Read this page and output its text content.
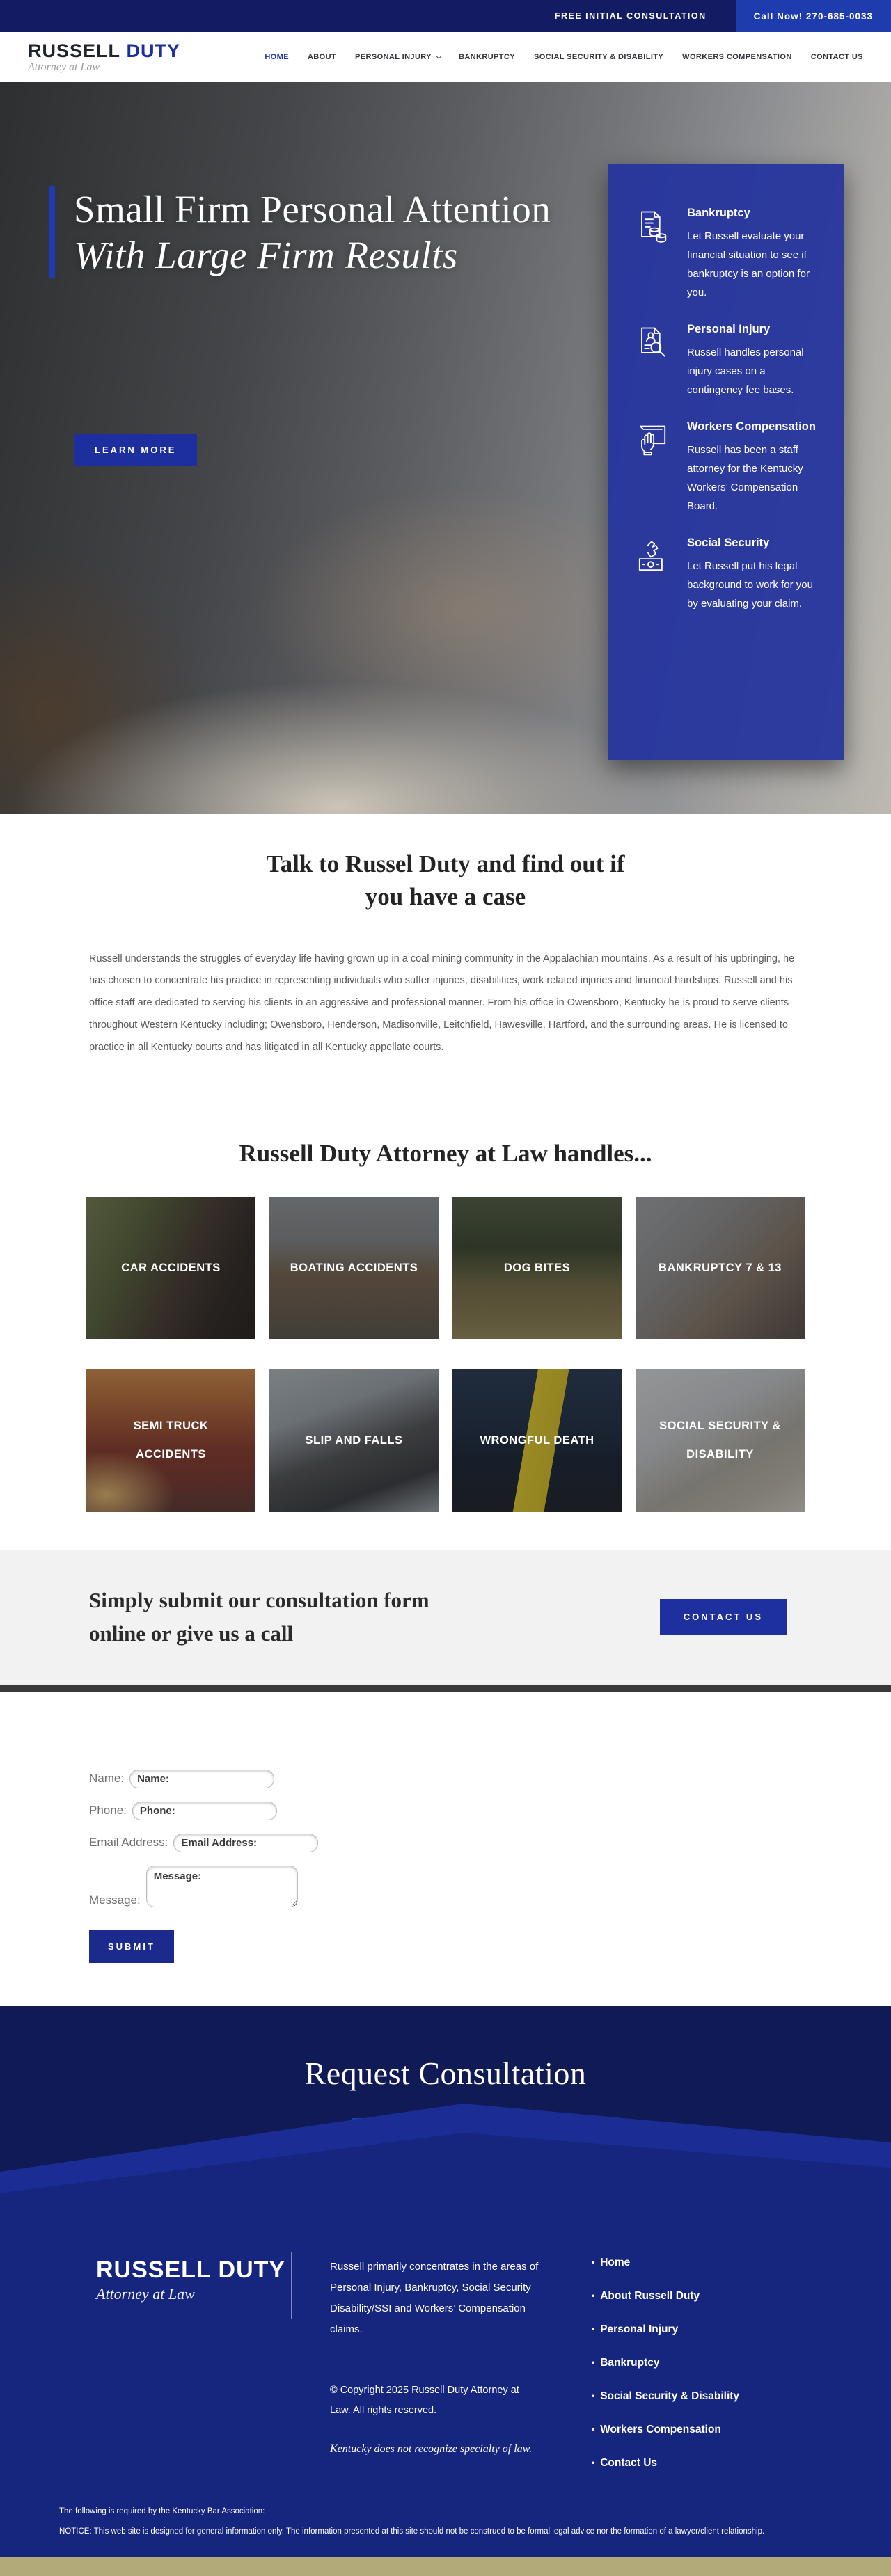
FREE INITIAL CONSULTATION	Call Now! 270-685-0033
RUSSELL DUTY
Attorney at Law
HOME ABOUT PERSONAL INJURY	BANKRUPTCY SOCIAL SECURITY & DISABILITY WORKERS COMPENSATION CONTACT US
Small Firm Personal Attention With Large Firm Results
LEARN MORE
Bankruptcy
Let Russell evaluate your financial situation to see if bankruptcy is an option for you.
Personal Injury
Russell handles personal injury cases on a contingency fee bases.
Workers Compensation
Russell has been a staff attorney for the Kentucky Workers’ Compensation Board.
Social Security
Let Russell put his legal background to work for you by evaluating your claim.
Talk to Russel Duty and find out if
you have a case

Russell understands the struggles of everyday life having grown up in a coal mining community in the Appalachian mountains. As a result of his upbringing, he has chosen to concentrate his practice in representing individuals who suffer injuries, disabilities, work related injuries and financial hardships. Russell and his office staff are dedicated to serving his clients in an aggressive and professional manner. From his office in Owensboro, Kentucky he is proud to serve clients throughout Western Kentucky including; Owensboro, Henderson, Madisonville, Leitchfield, Hawesville, Hartford, and the surrounding areas. He is licensed to practice in all Kentucky courts and has litigated in all Kentucky appellate courts.

Russell Duty Attorney at Law handles...
CAR ACCIDENTS	BOATING ACCIDENTS	DOG BITES	BANKRUPTCY 7 & 13
SEMI TRUCK ACCIDENTS
SLIP AND FALLS	WRONGFUL DEATH
SOCIAL SECURITY & DISABILITY
Simply submit our consultation form
online or give us a call
CONTACT US
Name:
Name:
Phone:
Phone:
Email Address:
Email Address:
Message:
Message:
SUBMIT
Request Consultation
RUSSELL DUTY
Attorney at Law
Russell primarily concentrates in the areas of Personal Injury, Bankruptcy, Social Security Disability/SSI and Workers’ Compensation claims.
© Copyright 2025 Russell Duty Attorney at Law. All rights reserved.
Kentucky does not recognize specialty of law.
• Home
• About Russell Duty
• Personal Injury
• Bankruptcy
• Social Security & Disability
• Workers Compensation
• Contact Us
The following is required by the Kentucky Bar Association:
NOTICE: This web site is designed for general information only. The information presented at this site should not be construed to be formal legal advice nor the formation of a lawyer/client relationship.
